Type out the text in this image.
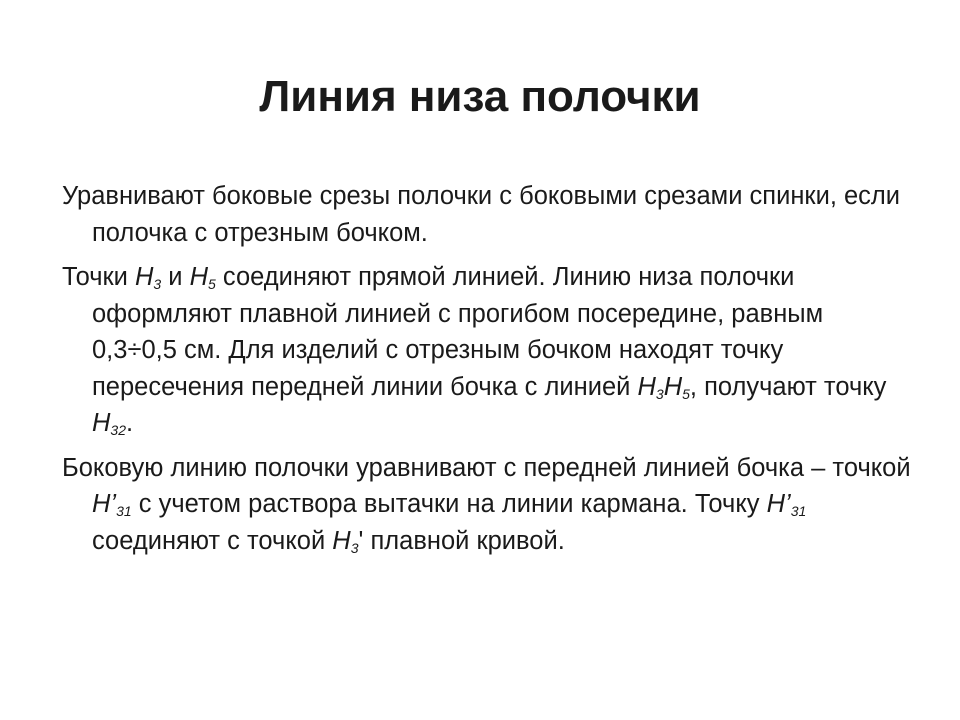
Линия низа полочки

Уравнивают боковые срезы полочки с боковыми срезами спинки, если полочка с отрезным бочком.

Точки $Н_3$ и $Н_5$ соединяют прямой линией. Линию низа полочки оформляют плавной линией с прогибом посередине, равным 0,3÷0,5 см. Для изделий с отрезным бочком находят точку пересечения передней линии бочка с линией $Н_3Н_5$, получают точку $Н_{32}$.

Боковую линию полочки уравнивают с передней линией бочка – точкой $Н’_{31}$ с учетом раствора вытачки на линии кармана. Точку $Н’_{31}$ соединяют с точкой $Н_3'$ плавной кривой.
